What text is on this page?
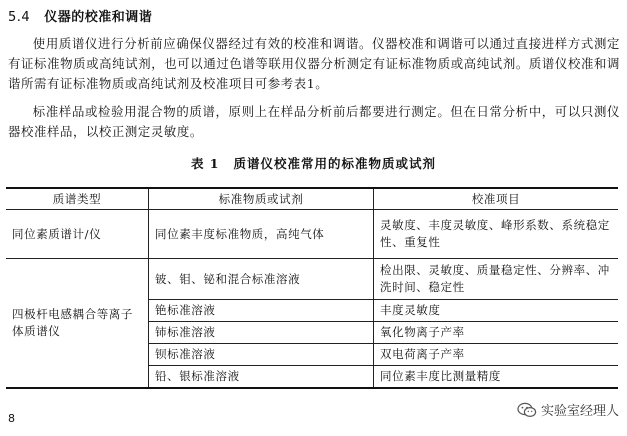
5.4 仪器的校准和调谐
使用质谱仪进行分析前应确保仪器经过有效的校准和调谐。仪器校准和调谐可以通过直接进样方式测定有证标准物质或高纯试剂，也可以通过色谱等联用仪器分析测定有证标准物质或高纯试剂。质谱仪校准和调谐所需有证标准物质或高纯试剂及校准项目可参考表1。
标准样品或检验用混合物的质谱，原则上在样品分析前后都要进行测定。但在日常分析中，可以只测仪器校准样品，以校正测定灵敏度。
表 1 质谱仪校准常用的标准物质或试剂
质谱类型	标准物质或试剂	校准项目
同位素质谱计/仪	同位素丰度标准物质，高纯气体	灵敏度、丰度灵敏度、峰形系数、系统稳定性、重复性
四极杆电感耦合等离子体质谱仪	铍、钼、铋和混合标准溶液	检出限、灵敏度、质量稳定性、分辨率、冲洗时间、稳定性
	铯标准溶液	丰度灵敏度
	铈标准溶液	氧化物离子产率
	钡标准溶液	双电荷离子产率
	铅、银标准溶液	同位素丰度比测量精度
8	实验室经理人
